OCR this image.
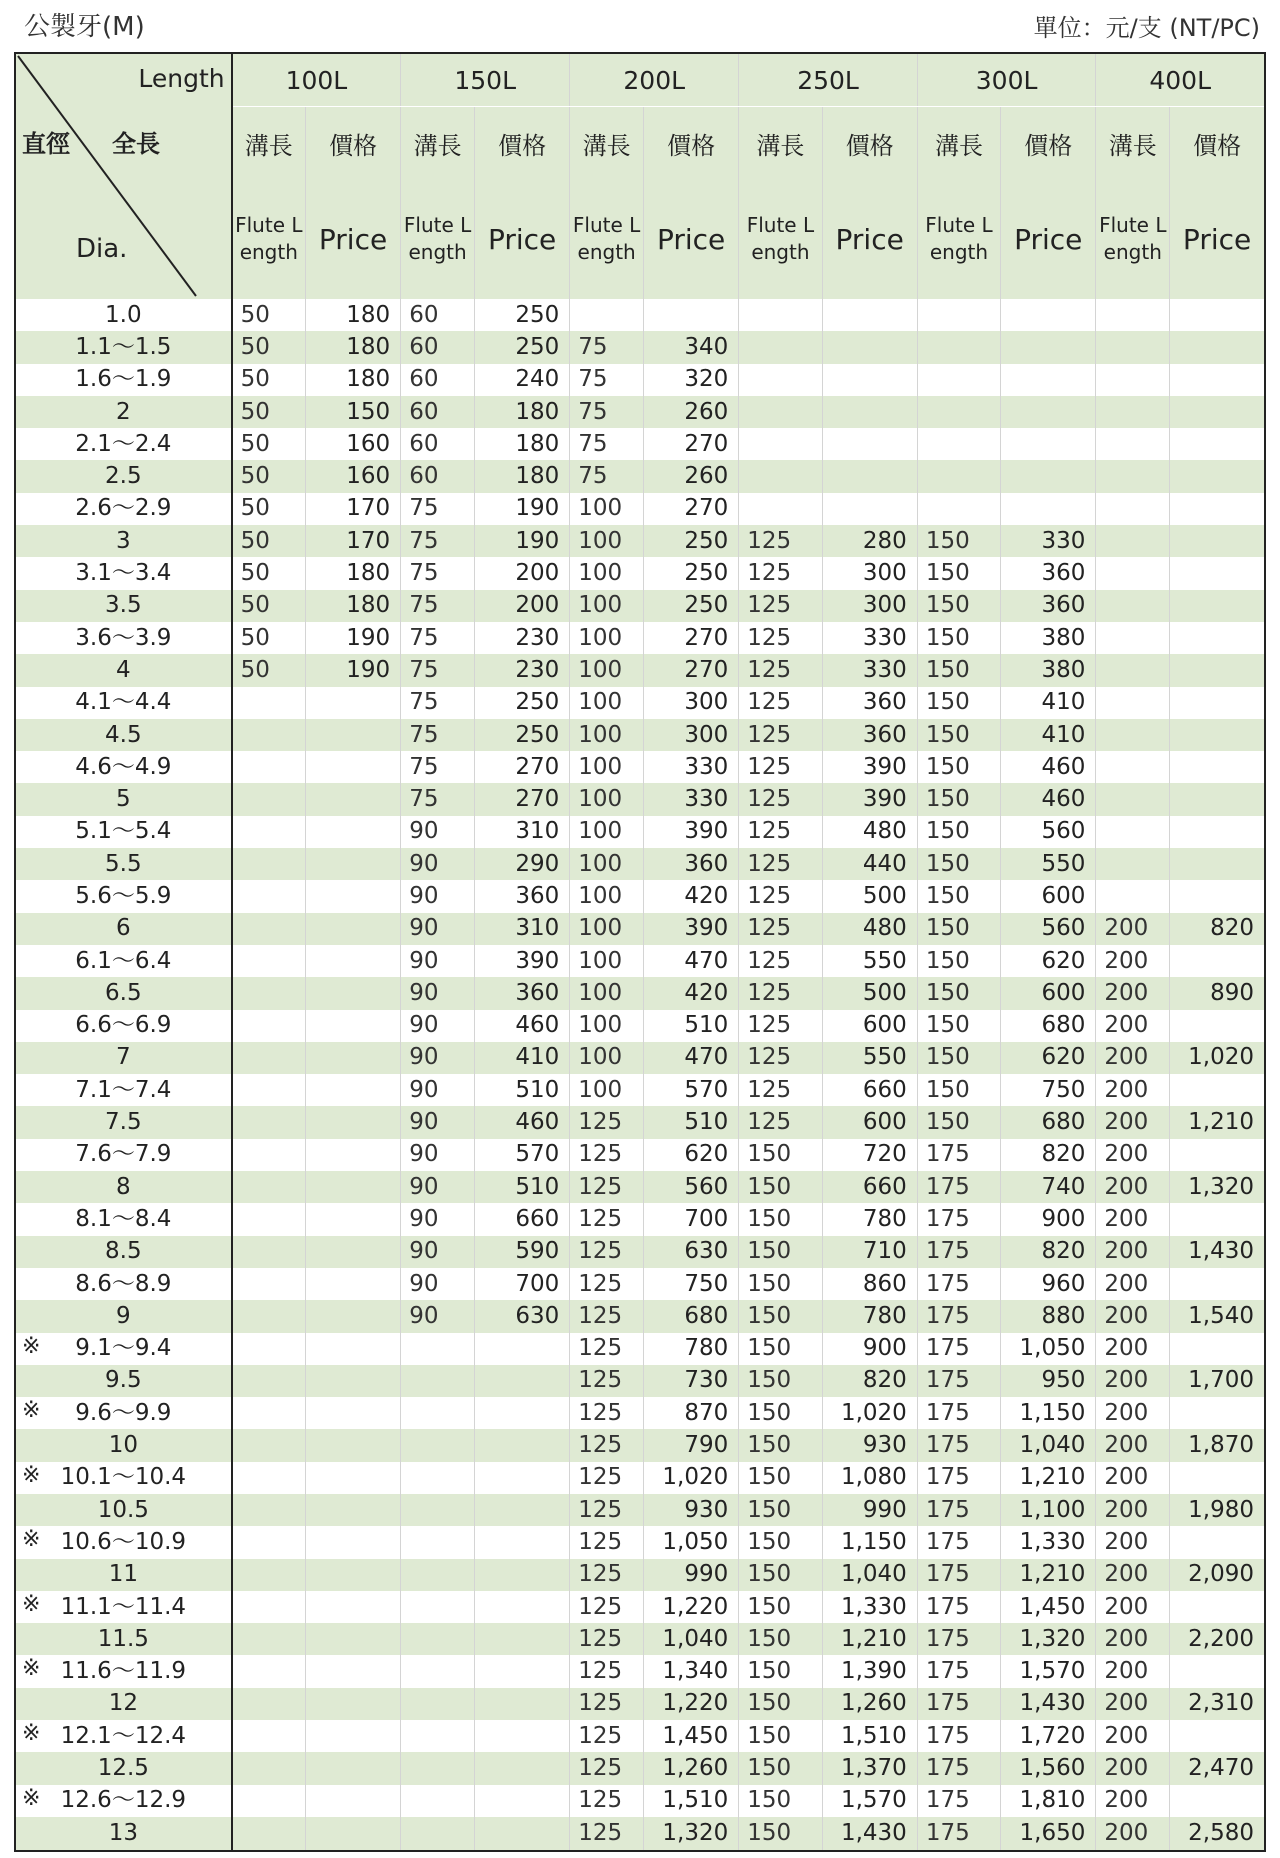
公製牙(M)	單位：元/支 (NT/PC)
Length
直徑 全長
Dia.	100L		150L		200L		250L		300L		400L	
	溝長	價格	溝長	價格	溝長	價格	溝長	價格	溝長	價格	溝長	價格

	Flute Length	Price	Flute Length	Price	Flute Length	Price	Flute Length	Price	Flute Length	Price	Flute Length	Price
1.0	50	180	60	250								
1.1～1.5	50	180	60	250	75	340						
1.6～1.9	50	180	60	240	75	320						
2	50	150	60	180	75	260						
2.1～2.4	50	160	60	180	75	270						
2.5	50	160	60	180	75	260						
2.6～2.9	50	170	75	190	100	270						
3	50	170	75	190	100	250	125	280	150	330		
3.1～3.4	50	180	75	200	100	250	125	300	150	360		
3.5	50	180	75	200	100	250	125	300	150	360		
3.6～3.9	50	190	75	230	100	270	125	330	150	380		
4	50	190	75	230	100	270	125	330	150	380		
4.1～4.4			75	250	100	300	125	360	150	410		
4.5			75	250	100	300	125	360	150	410		
4.6～4.9			75	270	100	330	125	390	150	460		
5			75	270	100	330	125	390	150	460		
5.1～5.4			90	310	100	390	125	480	150	560		
5.5			90	290	100	360	125	440	150	550		
5.6～5.9			90	360	100	420	125	500	150	600		
6			90	310	100	390	125	480	150	560	200	820
6.1～6.4			90	390	100	470	125	550	150	620	200	
6.5			90	360	100	420	125	500	150	600	200	890
6.6～6.9			90	460	100	510	125	600	150	680	200	
7			90	410	100	470	125	550	150	620	200	1,020
7.1～7.4			90	510	100	570	125	660	150	750	200	
7.5			90	460	125	510	125	600	150	680	200	1,210
7.6～7.9			90	570	125	620	150	720	175	820	200	
8			90	510	125	560	150	660	175	740	200	1,320
8.1～8.4			90	660	125	700	150	780	175	900	200	
8.5			90	590	125	630	150	710	175	820	200	1,430
8.6～8.9			90	700	125	750	150	860	175	960	200	
9			90	630	125	680	150	780	175	880	200	1,540

※ 9.1～9.4					125	780	150	900	175	1,050	200	
9.5					125	730	150	820	175	950	200	1,700

※ 9.6～9.9					125	870	150	1,020	175	1,150	200	
10					125	790	150	930	175	1,040	200	1,870

※ 10.1～10.4					125	1,020	150	1,080	175	1,210	200	
10.5					125	930	150	990	175	1,100	200	1,980

※ 10.6～10.9					125	1,050	150	1,150	175	1,330	200	
11					125	990	150	1,040	175	1,210	200	2,090

※ 11.1～11.4					125	1,220	150	1,330	175	1,450	200	
11.5					125	1,040	150	1,210	175	1,320	200	2,200

※ 11.6～11.9					125	1,340	150	1,390	175	1,570	200	
12					125	1,220	150	1,260	175	1,430	200	2,310

※ 12.1～12.4					125	1,450	150	1,510	175	1,720	200	
12.5					125	1,260	150	1,370	175	1,560	200	2,470

※ 12.6～12.9					125	1,510	150	1,570	175	1,810	200	
13					125	1,320	150	1,430	175	1,650	200	2,580
